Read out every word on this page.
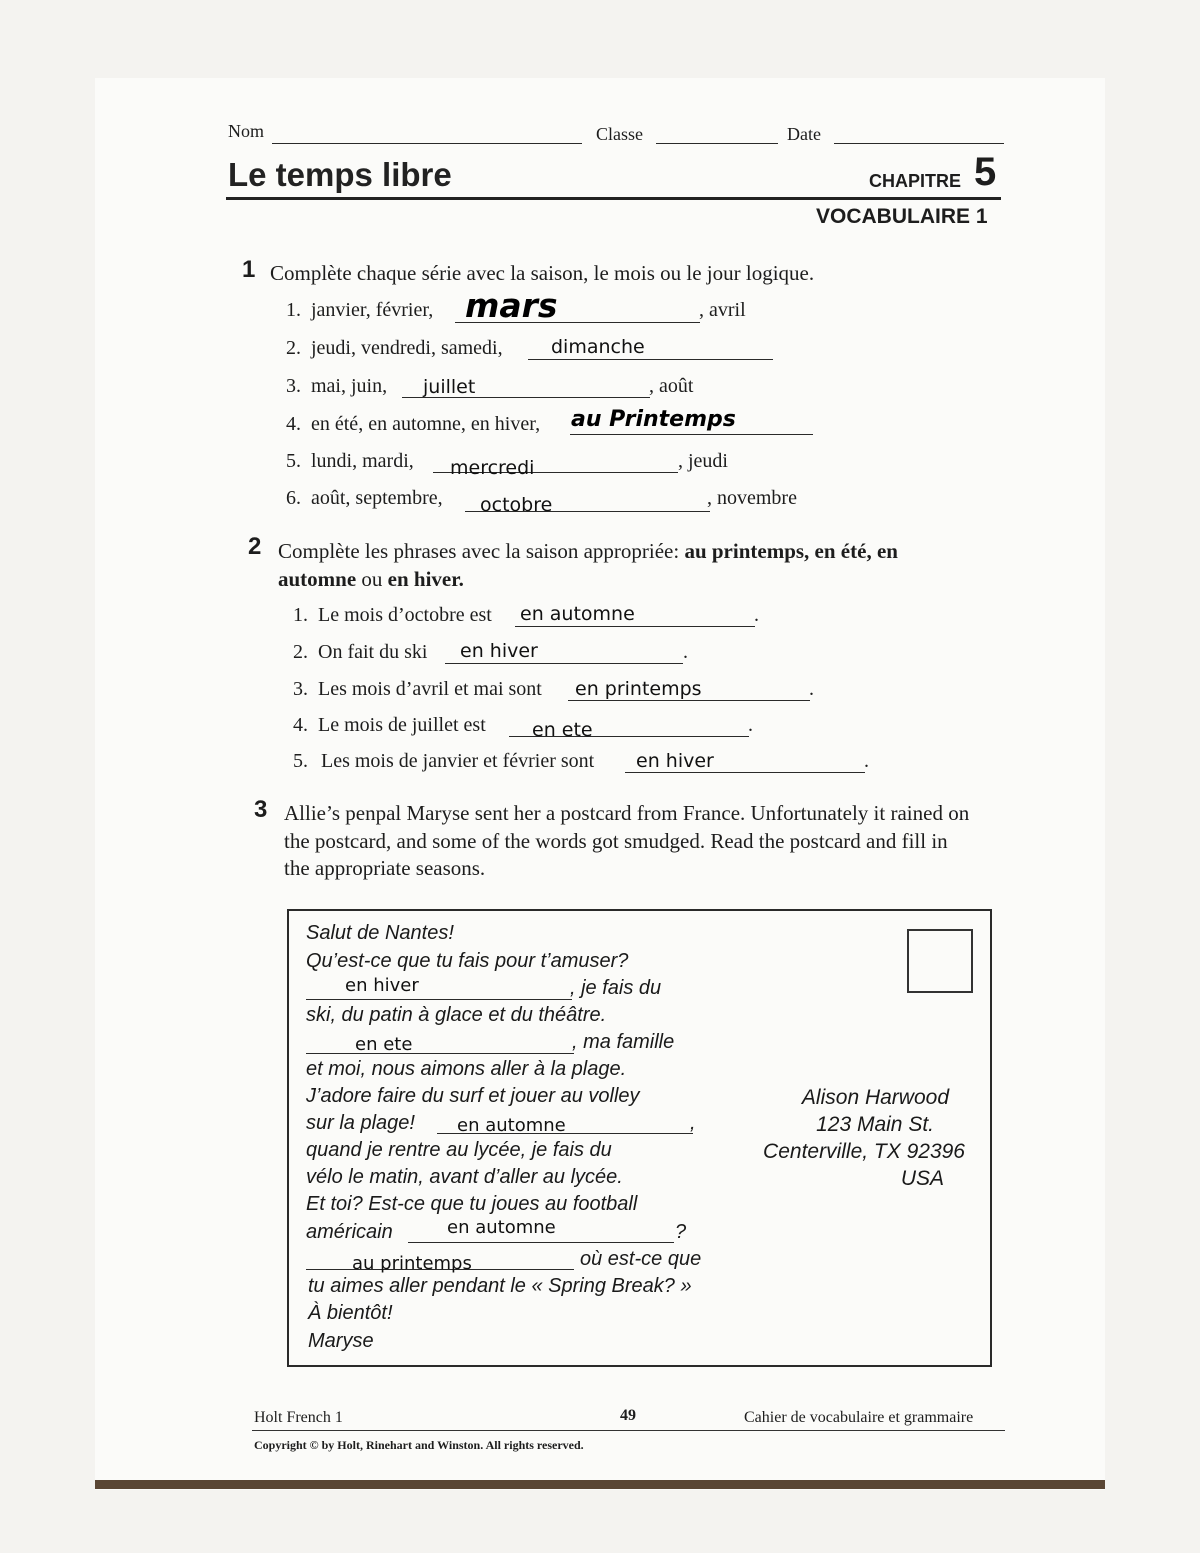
Nom	Classe	Date
Le temps libre	CHAPITRE 5
VOCABULAIRE 1
1 Complète chaque série avec la saison, le mois ou le jour logique.
1. janvier, février, mars	, avril
2. jeudi, vendredi, samedi,	dimanche
3. mai, juin, juillet	, août
4. en été, en automne, en hiver, au Printemps
5. lundi, mardi, mercredi	, jeudi
6. août, septembre, octobre	, novembre
2 Complète les phrases avec la saison appropriée: au printemps, en été, en
automne ou en hiver.
1. Le mois d’octobre est en automne	.
2. On fait du ski en hiver	.
3. Les mois d’avril et mai sont en printemps	.
4. Le mois de juillet est en ete	.
5. Les mois de janvier et février sont en hiver	.
3 Allie’s penpal Maryse sent her a postcard from France. Unfortunately it rained on
the postcard, and some of the words got smudged. Read the postcard and fill in
the appropriate seasons.
Salut de Nantes!
Qu’est-ce que tu fais pour t’amuser?
en hiver	, je fais du
ski, du patin à glace et du théâtre.
en ete	, ma famille
et moi, nous aimons aller à la plage.
J’adore faire du surf et jouer au volley
sur la plage! en automne	,
quand je rentre au lycée, je fais du
vélo le matin, avant d’aller au lycée.
Et toi? Est-ce que tu joues au football
américain	en automne	?
au printemps	où est-ce que
tu aimes aller pendant le « Spring Break? »
À bientôt!
Maryse
Alison Harwood
123 Main St.
Centerville, TX 92396
USA
Holt French 1	49	Cahier de vocabulaire et grammaire
Copyright © by Holt, Rinehart and Winston. All rights reserved.
